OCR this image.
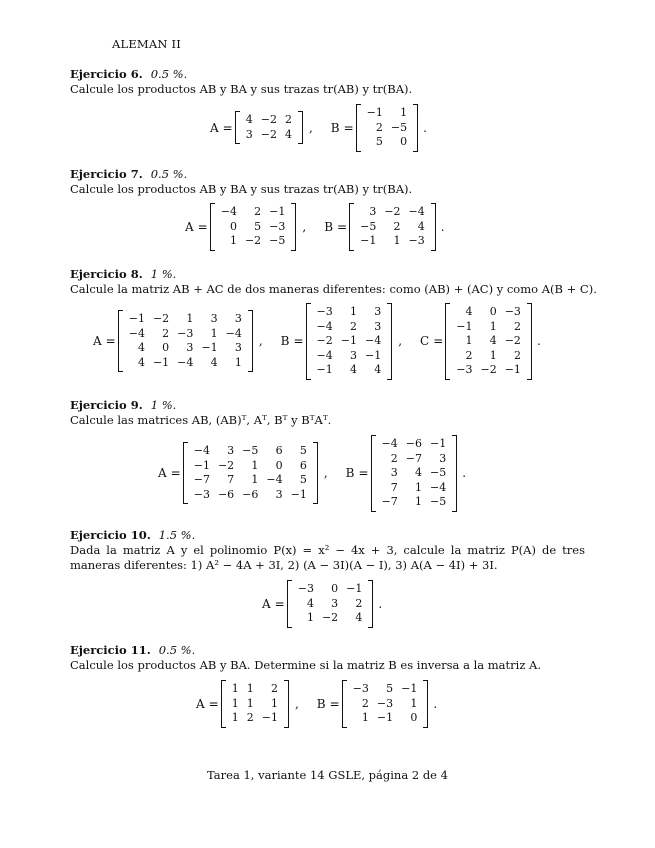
ALEMAN II
Ejercicio 6. 0.5 %.
Calcule los productos AB y BA y sus trazas tr(AB) y tr(BA).
A =
4	−2	2
3	−2	4 , B =
−1	1
2	−5
5	0
.
Ejercicio 7. 0.5 %.
Calcule los productos AB y BA y sus trazas tr(AB) y tr(BA).
A =
−4	2	−1
0	5	−3
1	−2	−5
, B =
3	−2	−4
−5	2	4
−1	1	−3
.
Ejercicio 8. 1 %.
Calcule la matriz AB + AC de dos maneras diferentes: como (AB) + (AC) y como A(B + C).
A =
−1	−2	1	3	3
−4	2	−3	1	−4
4	0	3	−1	3
4	−1	−4	4	1
, B =
−3	1	3
−4	2	3
−2	−1	−4
−4	3	−1
−1	4	4
, C =
4	0	−3
−1	1	2
1	4	−2
2	1	2
−3	−2	−1
.
Ejercicio 9. 1 %.
Calcule las matrices AB, (AB)ᵀ, Aᵀ, Bᵀ y BᵀAᵀ.
A =
−4	3	−5	6	5
−1	−2	1	0	6
−7	7	1	−4	5
−3	−6	−6	3	−1
, B =
−4	−6	−1
2	−7	3
3	4	−5
7	1	−4
−7	1	−5
.
Ejercicio 10. 1.5 %.
Dada la matriz A y el polinomio P(x) = x² − 4x + 3, calcule la matriz P(A) de tres maneras diferentes: 1) A² − 4A + 3I, 2) (A − 3I)(A − I), 3) A(A − 4I) + 3I.
A =
−3	0	−1
4	3	2
1	−2	4
.
Ejercicio 11. 0.5 %.
Calcule los productos AB y BA. Determine si la matriz B es inversa a la matriz A.
A =
1	1	2
1	1	1
1	2	−1
, B =
−3	5	−1
2	−3	1
1	−1	0
.
Tarea 1, variante 14 GSLE, página 2 de 4
